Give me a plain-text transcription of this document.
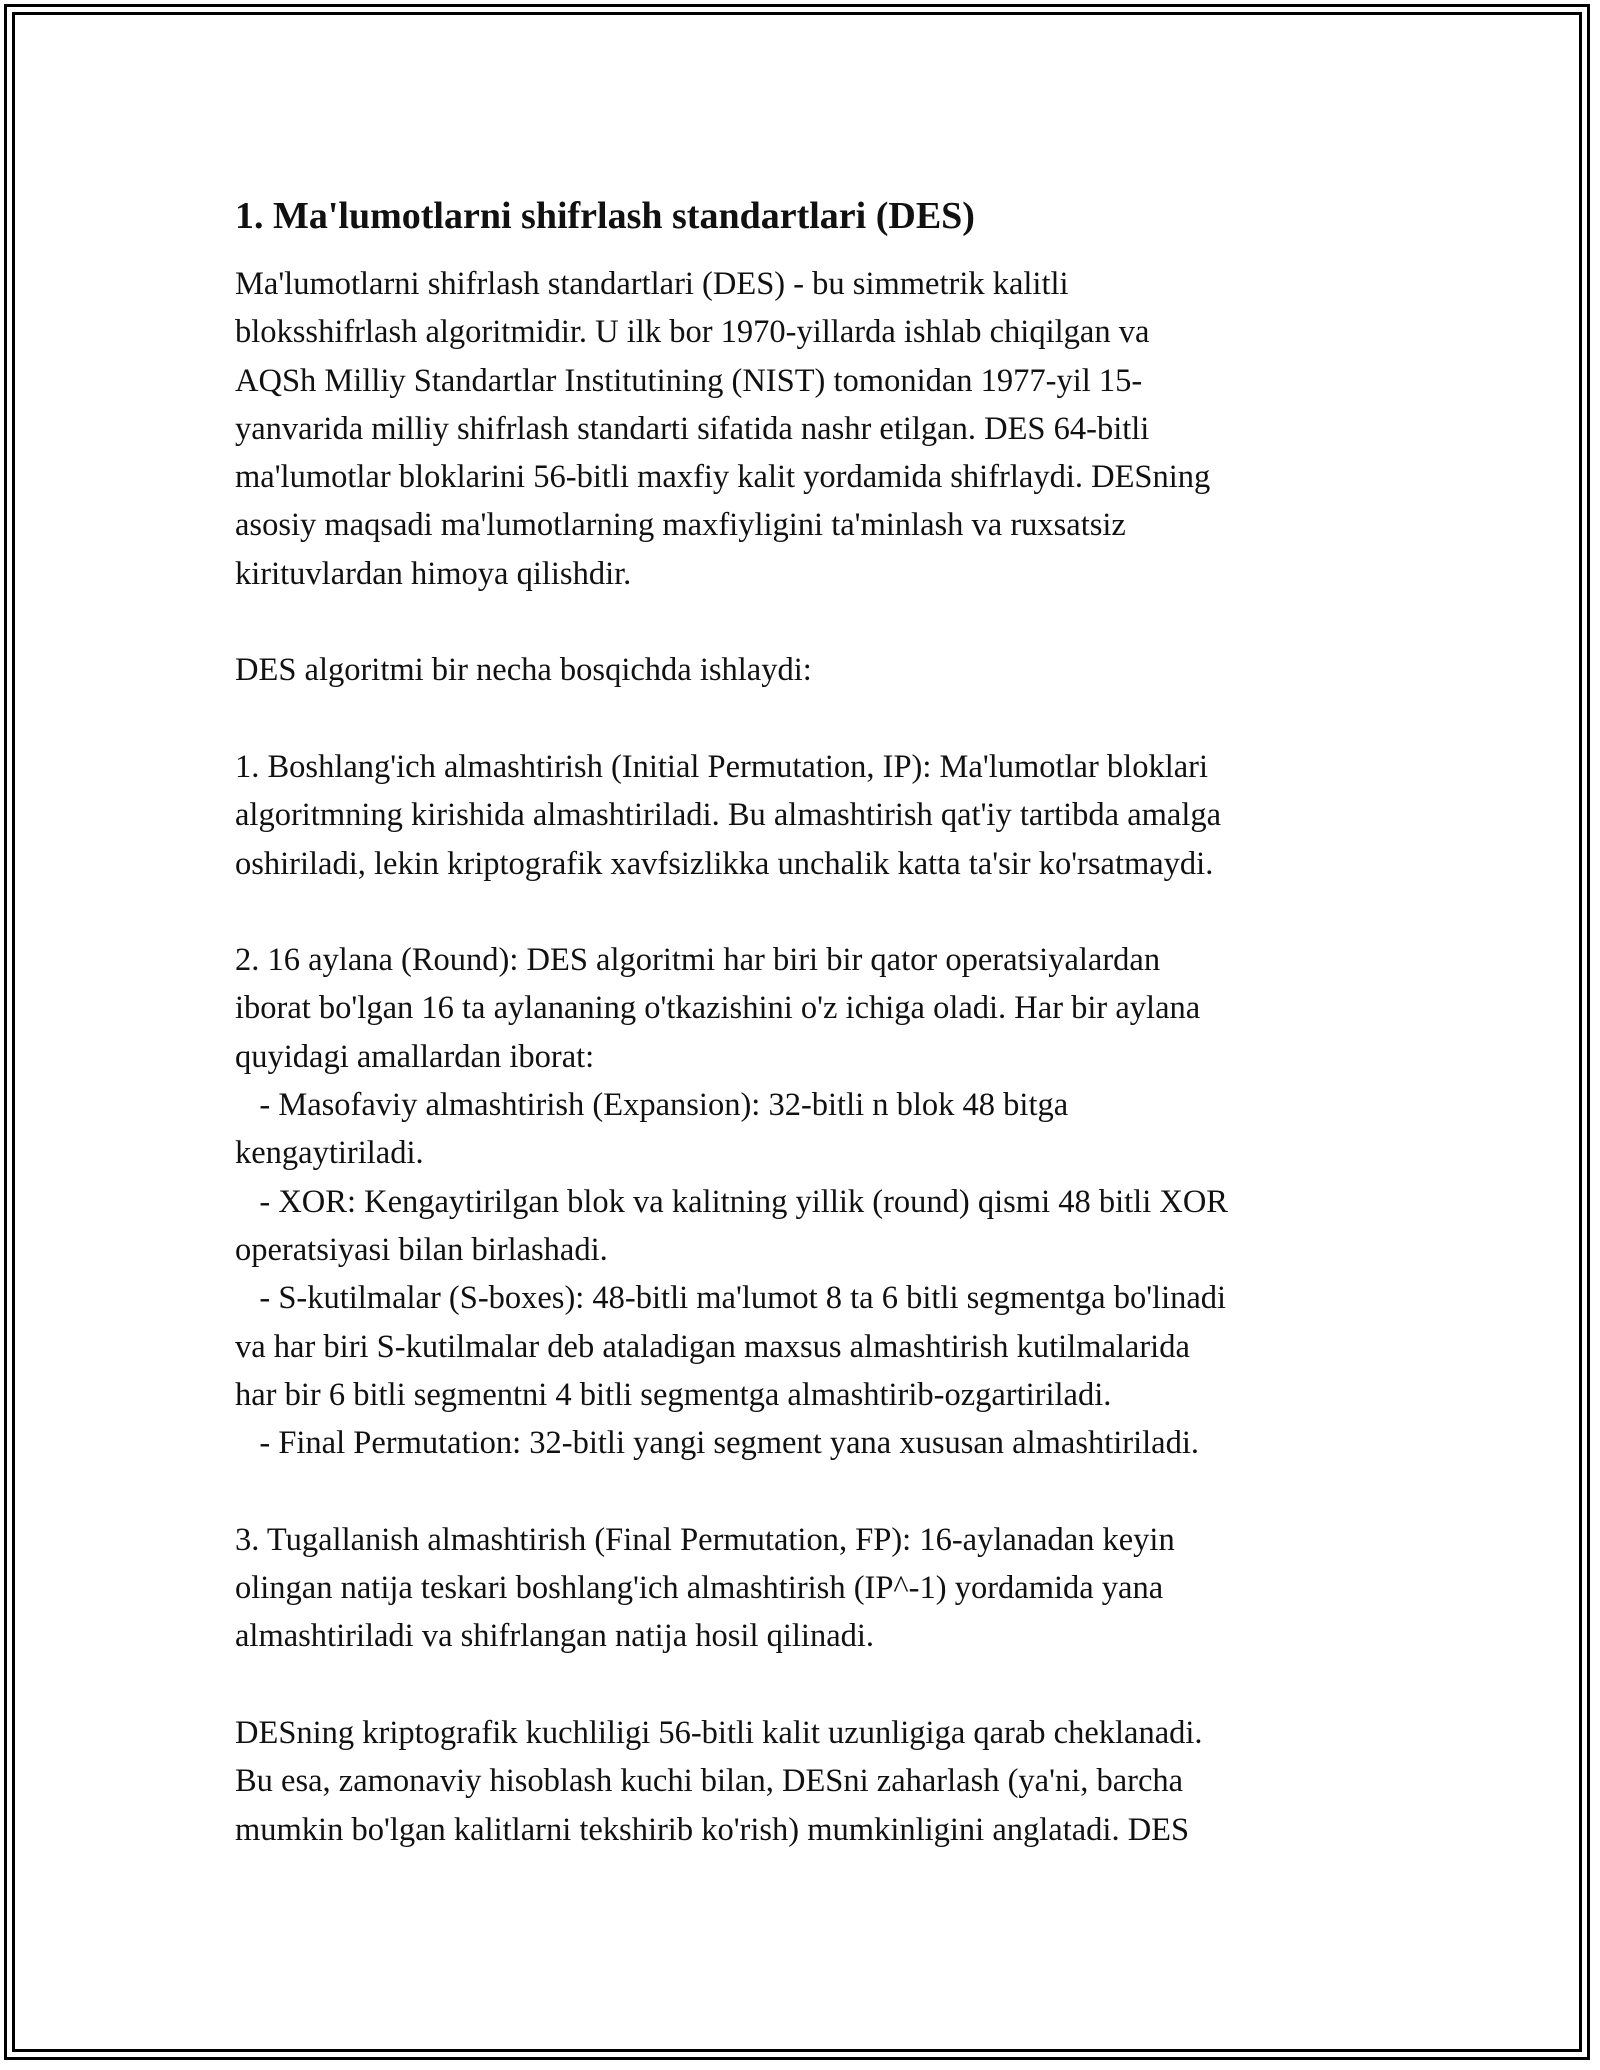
1. Ma'lumotlarni shifrlash standartlari (DES)
Ma'lumotlarni shifrlash standartlari (DES) - bu simmetrik kalitli
bloksshifrlash algoritmidir. U ilk bor 1970-yillarda ishlab chiqilgan va
AQSh Milliy Standartlar Institutining (NIST) tomonidan 1977-yil 15-
yanvarida milliy shifrlash standarti sifatida nashr etilgan. DES 64-bitli
ma'lumotlar bloklarini 56-bitli maxfiy kalit yordamida shifrlaydi. DESning
asosiy maqsadi ma'lumotlarning maxfiyligini ta'minlash va ruxsatsiz
kirituvlardan himoya qilishdir.
DES algoritmi bir necha bosqichda ishlaydi:
1. Boshlang'ich almashtirish (Initial Permutation, IP): Ma'lumotlar bloklari
algoritmning kirishida almashtiriladi. Bu almashtirish qat'iy tartibda amalga
oshiriladi, lekin kriptografik xavfsizlikka unchalik katta ta'sir ko'rsatmaydi.
2. 16 aylana (Round): DES algoritmi har biri bir qator operatsiyalardan
iborat bo'lgan 16 ta aylananing o'tkazishini o'z ichiga oladi. Har bir aylana
quyidagi amallardan iborat:
- Masofaviy almashtirish (Expansion): 32-bitli n blok 48 bitga
kengaytiriladi.
- XOR: Kengaytirilgan blok va kalitning yillik (round) qismi 48 bitli XOR
operatsiyasi bilan birlashadi.
- S-kutilmalar (S-boxes): 48-bitli ma'lumot 8 ta 6 bitli segmentga bo'linadi
va har biri S-kutilmalar deb ataladigan maxsus almashtirish kutilmalarida
har bir 6 bitli segmentni 4 bitli segmentga almashtirib-ozgartiriladi.
- Final Permutation: 32-bitli yangi segment yana xususan almashtiriladi.
3. Tugallanish almashtirish (Final Permutation, FP): 16-aylanadan keyin
olingan natija teskari boshlang'ich almashtirish (IP^-1) yordamida yana
almashtiriladi va shifrlangan natija hosil qilinadi.
DESning kriptografik kuchliligi 56-bitli kalit uzunligiga qarab cheklanadi.
Bu esa, zamonaviy hisoblash kuchi bilan, DESni zaharlash (ya'ni, barcha
mumkin bo'lgan kalitlarni tekshirib ko'rish) mumkinligini anglatadi. DES
